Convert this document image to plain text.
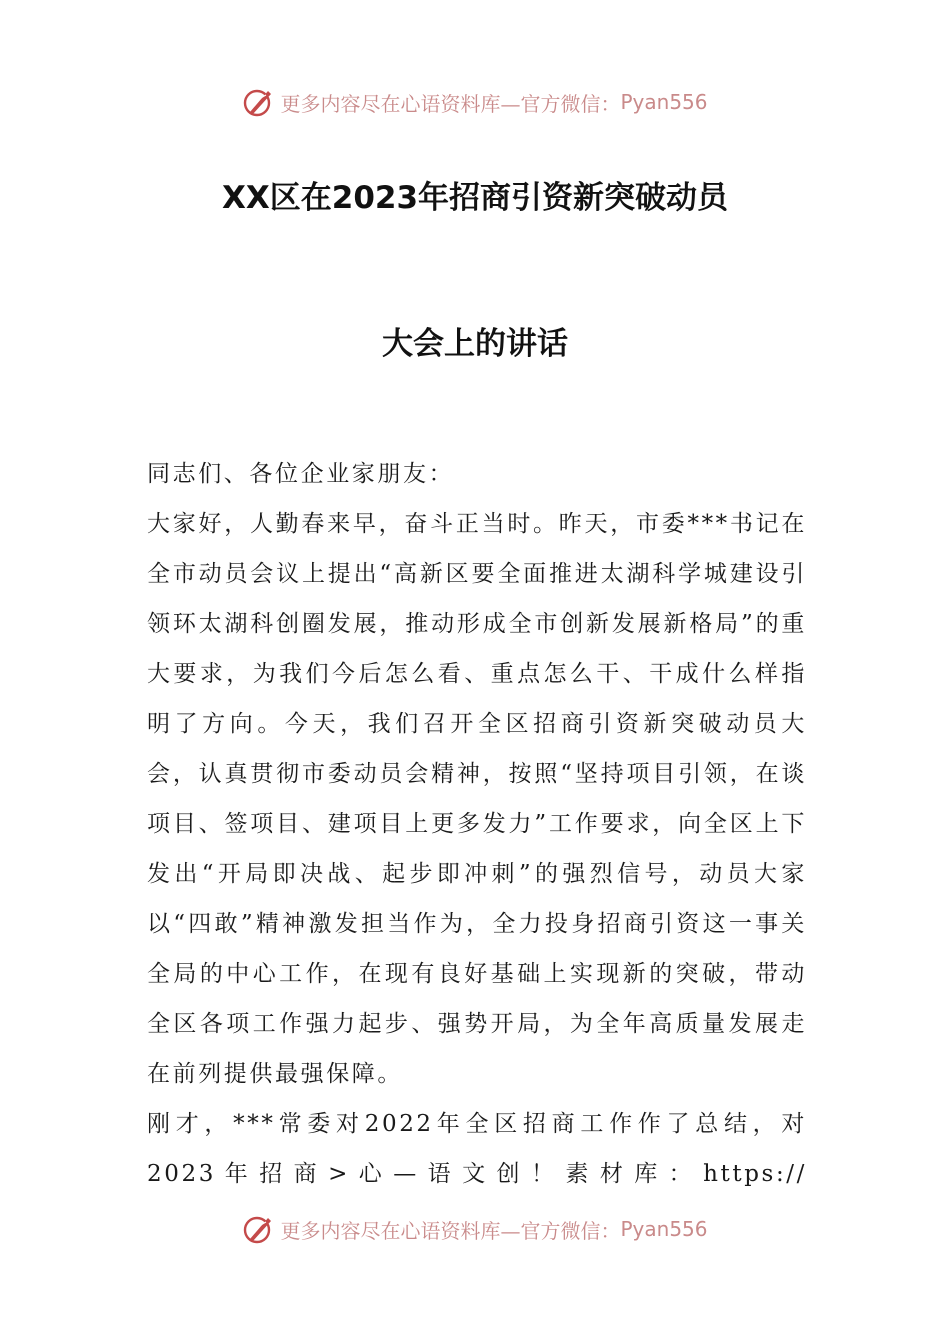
更多内容尽在心语资料库—官方微信： Pyan556
XX区在2023年招商引资新突破动员
大会上的讲话

同志们、各位企业家朋友：

大家好，人勤春来早，奋斗正当时。昨天，市委***书记在全市动员会议上提出“高新区要全面推进太湖科学城建设引领环太湖科创圈发展，推动形成全市创新发展新格局”的重大要求，为我们今后怎么看、重点怎么干、干成什么样指明了方向。今天，我们召开全区招商引资新突破动员大会，认真贯彻市委动员会精神，按照“坚持项目引领，在谈项目、签项目、建项目上更多发力”工作要求，向全区上下发出“开局即决战、起步即冲刺”的强烈信号，动员大家以“四敢”精神激发担当作为，全力投身招商引资这一事关全局的中心工作，在现有良好基础上实现新的突破，带动全区各项工作强力起步、强势开局，为全年高质量发展走在前列提供最强保障。

刚才，***常委对2022年全区招商工作作了总结，对2023年招商>心—语文创！素材库：https://

更多内容尽在心语资料库—官方微信： Pyan556
